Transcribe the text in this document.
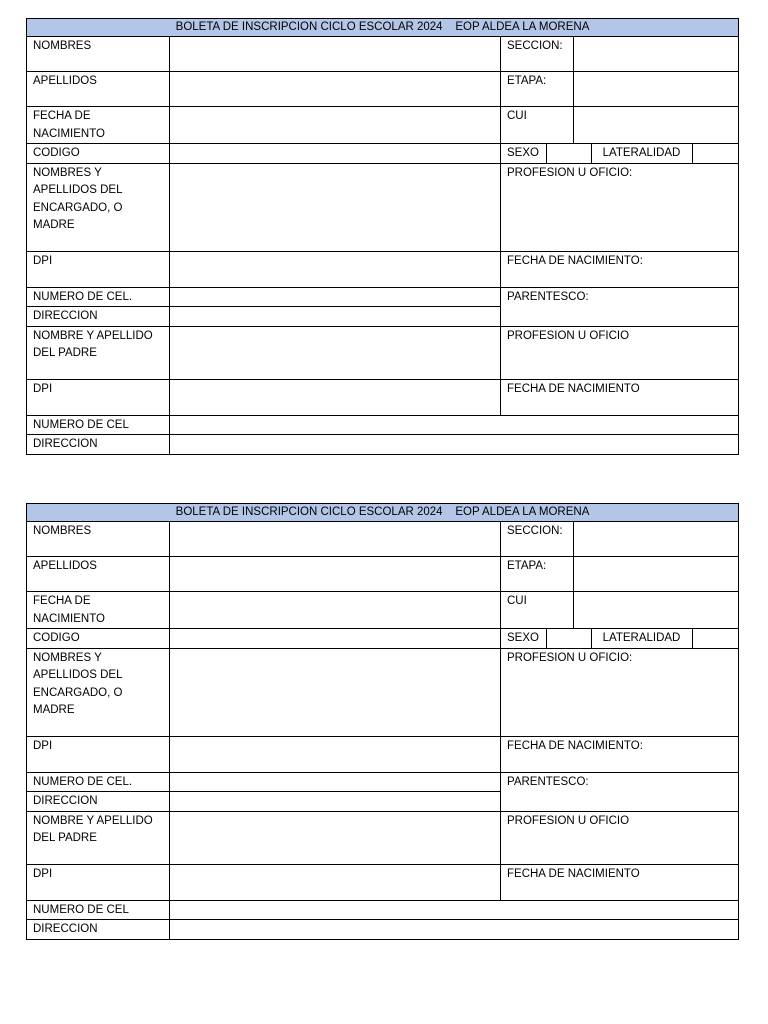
BOLETA DE INSCRIPCION CICLO ESCOLAR 2024    EOP ALDEA LA MORENA
NOMBRES		SECCION:	
APELLIDOS		ETAPA:	
FECHA DE NACIMIENTO		CUI	
CODIGO			SEXO		LATERALIDAD	

NOMBRES Y APELLIDOS DEL ENCARGADO, O MADRE		PROFESION U OFICIO:
DPI		FECHA DE NACIMIENTO:
NUMERO DE CEL.		PARENTESCO:
DIRECCION	
NOMBRE Y APELLIDO DEL PADRE		PROFESION U OFICIO
DPI		FECHA DE NACIMIENTO
NUMERO DE CEL	
DIRECCION	
BOLETA DE INSCRIPCION CICLO ESCOLAR 2024    EOP ALDEA LA MORENA
NOMBRES		SECCION:	
APELLIDOS		ETAPA:	
FECHA DE NACIMIENTO		CUI	
CODIGO			SEXO		LATERALIDAD	

NOMBRES Y APELLIDOS DEL ENCARGADO, O MADRE		PROFESION U OFICIO:
DPI		FECHA DE NACIMIENTO:
NUMERO DE CEL.		PARENTESCO:
DIRECCION	
NOMBRE Y APELLIDO DEL PADRE		PROFESION U OFICIO
DPI		FECHA DE NACIMIENTO
NUMERO DE CEL	
DIRECCION	
